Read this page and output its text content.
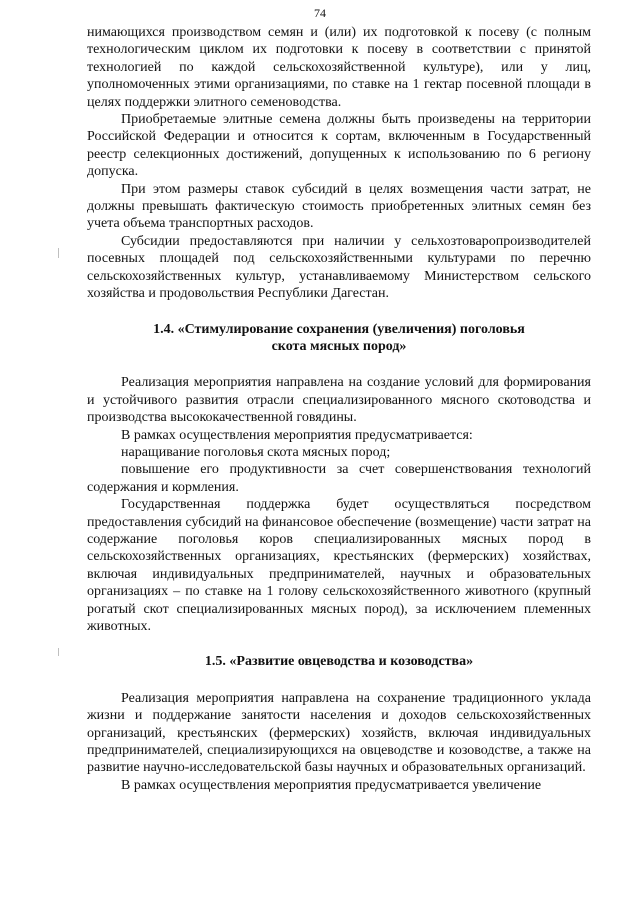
74

нимающихся производством семян и (или) их подготовкой к посеву (с полным технологическим циклом их подготовки к посеву в соответствии с принятой технологией по каждой сельскохозяйственной культуре), или у лиц, уполномоченных этими организациями, по ставке на 1 гектар посевной площади в целях поддержки элитного семеноводства.

Приобретаемые элитные семена должны быть произведены на территории Российской Федерации и относится к сортам, включенным в Государственный реестр селекционных достижений, допущенных к использованию по 6 региону допуска.

При этом размеры ставок субсидий в целях возмещения части затрат, не должны превышать фактическую стоимость приобретенных элитных семян без учета объема транспортных расходов.

Субсидии предоставляются при наличии у сельхозтоваропроизводителей посевных площадей под сельскохозяйственными культурами по перечню сельскохозяйственных культур, устанавливаемому Министерством сельского хозяйства и продовольствия Республики Дагестан.

1.4. «Стимулирование сохранения (увеличения) поголовья
скота мясных пород»

Реализация мероприятия направлена на создание условий для формирования и устойчивого развития отрасли специализированного мясного скотоводства и производства высококачественной говядины.

В рамках осуществления мероприятия предусматривается:

наращивание поголовья скота мясных пород;

повышение его продуктивности за счет совершенствования технологий содержания и кормления.

Государственная поддержка будет осуществляться посредством предоставления субсидий на финансовое обеспечение (возмещение) части затрат на содержание поголовья коров специализированных мясных пород в сельскохозяйственных организациях, крестьянских (фермерских) хозяйствах, включая индивидуальных предпринимателей, научных и образовательных организациях – по ставке на 1 голову сельскохозяйственного животного (крупный рогатый скот специализированных мясных пород), за исключением племенных животных.

1.5. «Развитие овцеводства и козоводства»

Реализация мероприятия направлена на сохранение традиционного уклада жизни и поддержание занятости населения и доходов сельскохозяйственных организаций, крестьянских (фермерских) хозяйств, включая индивидуальных предпринимателей, специализирующихся на овцеводстве и козоводстве, а также на развитие научно-исследовательской базы научных и образовательных организаций.

В рамках осуществления мероприятия предусматривается увеличение
